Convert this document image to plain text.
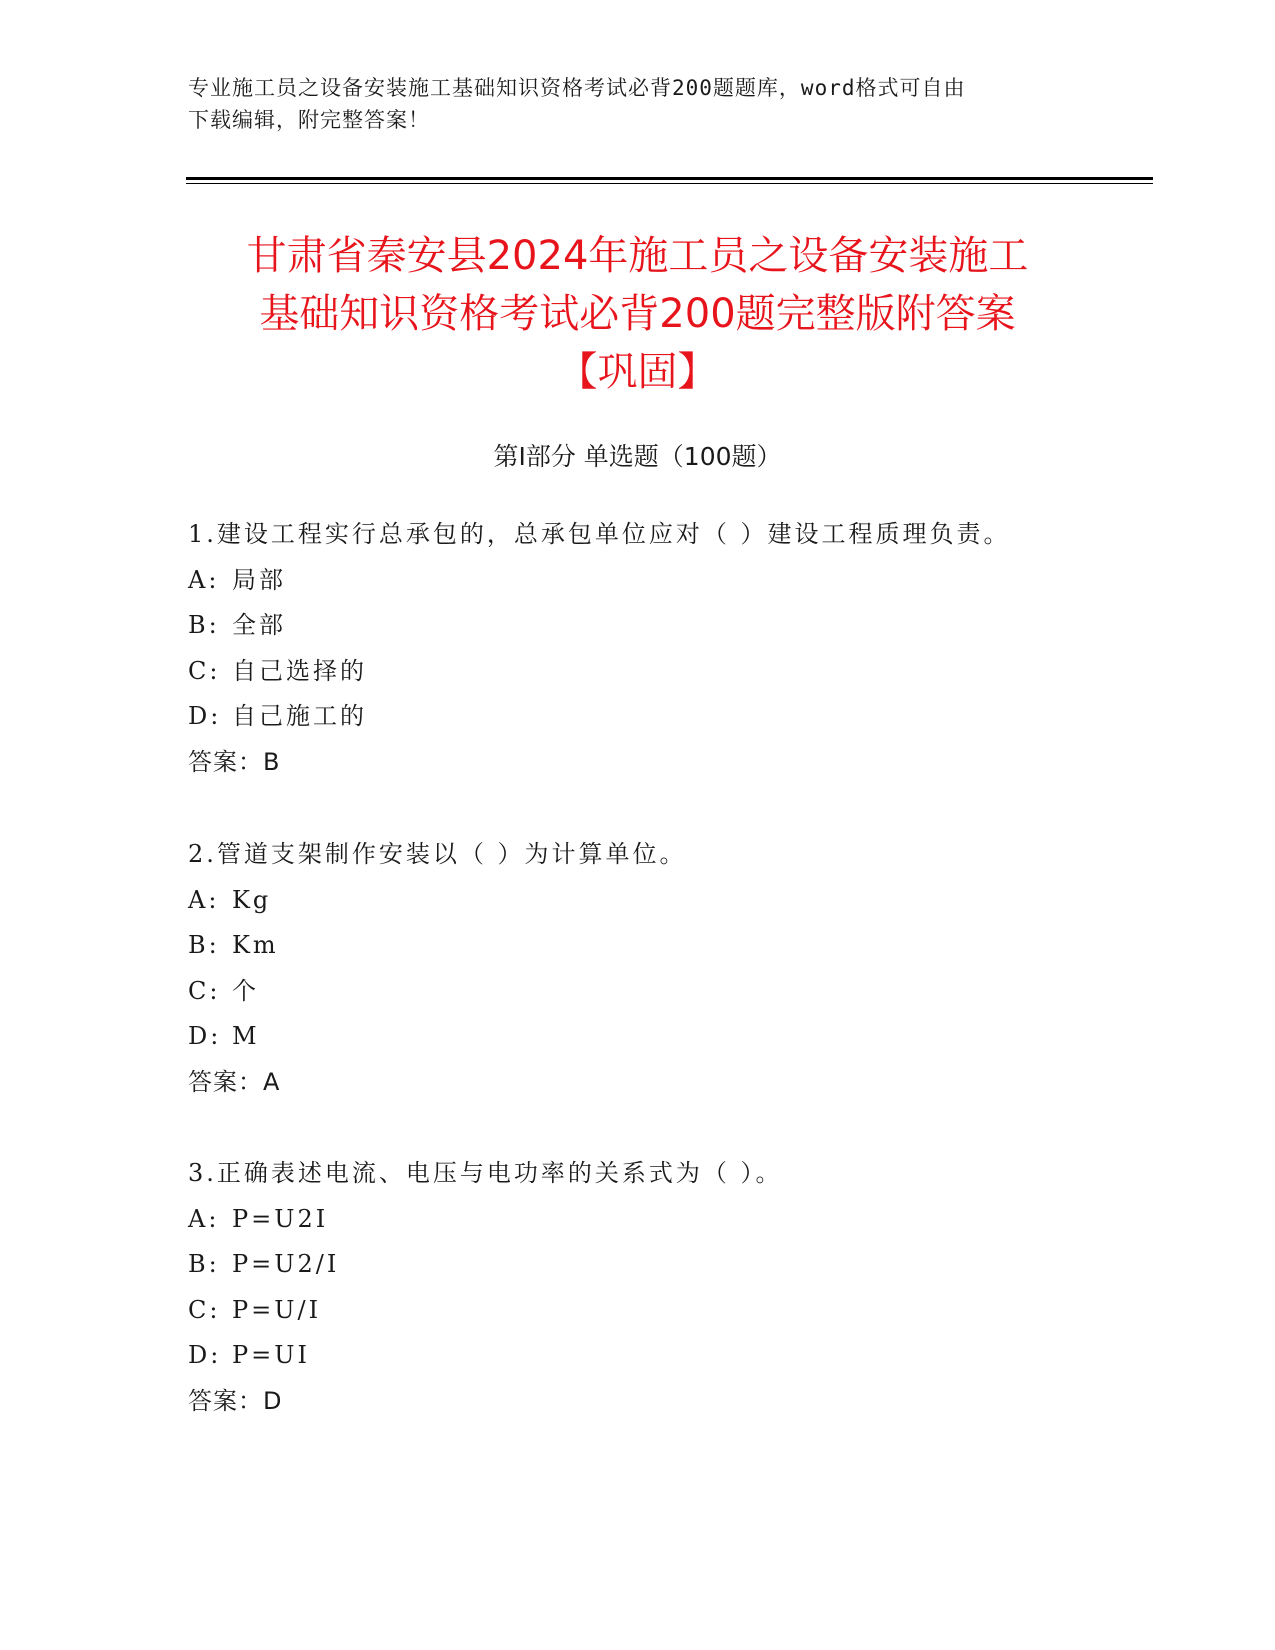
专业施工员之设备安装施工基础知识资格考试必背200题题库，word格式可自由
下载编辑，附完整答案！
甘肃省秦安县2024年施工员之设备安装施工
基础知识资格考试必背200题完整版附答案
【巩固】
第Ⅰ部分 单选题（100题）
1.建设工程实行总承包的，总承包单位应对（ ）建设工程质理负责。
A: 局部
B: 全部
C: 自己选择的
D: 自己施工的
答案：B
2.管道支架制作安装以（ ）为计算单位。
A: Kg
B: Km
C: 个
D: M
答案：A
3.正确表述电流、电压与电功率的关系式为（ ）。
A: P=U2I
B: P=U2/I
C: P=U/I
D: P=UI
答案：D
